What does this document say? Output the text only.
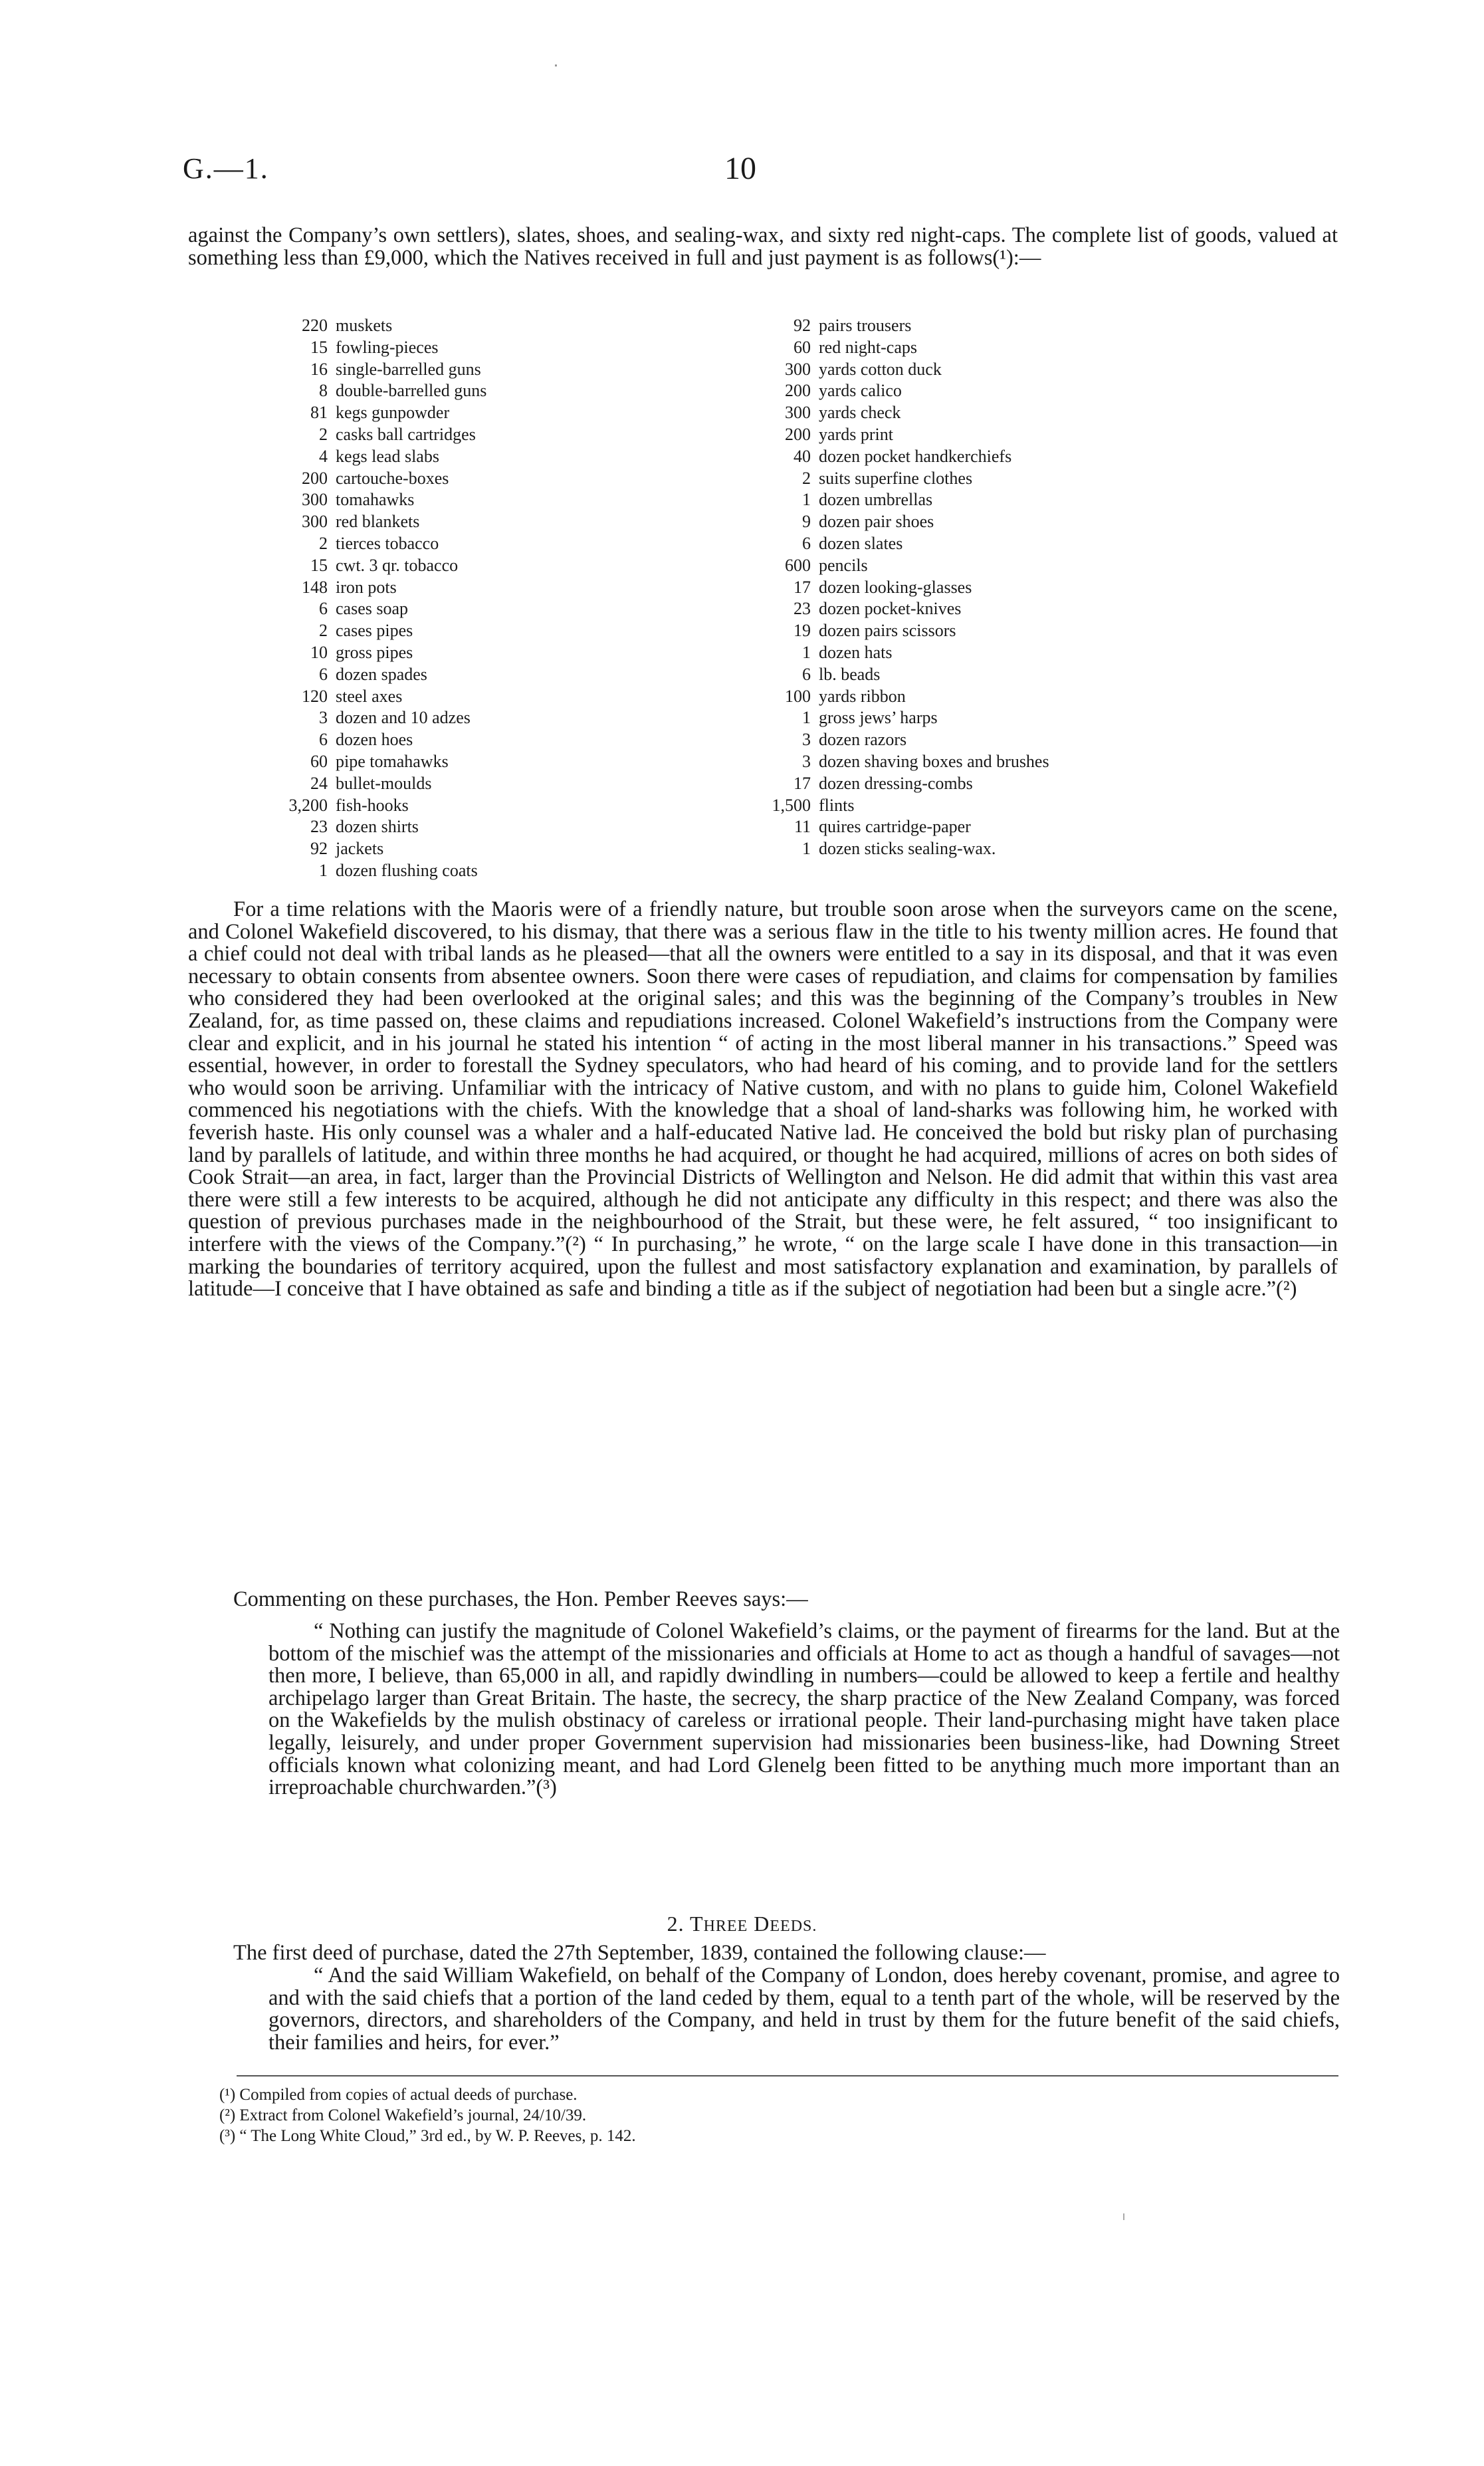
G.—1.	10

against the Company’s own settlers), slates, shoes, and sealing-wax, and sixty red night-caps. The complete list of goods, valued at something less than £9,000, which the Natives received in full and just payment is as follows(¹):—

220 muskets
15 fowling-pieces
16 single-barrelled guns
8 double-barrelled guns
81 kegs gunpowder
2 casks ball cartridges
4 kegs lead slabs
200 cartouche-boxes
300 tomahawks
300 red blankets
2 tierces tobacco
15 cwt. 3 qr. tobacco
148 iron pots
6 cases soap
2 cases pipes
10 gross pipes
6 dozen spades
120 steel axes
3 dozen and 10 adzes
6 dozen hoes
60 pipe tomahawks
24 bullet-moulds
3,200 fish-hooks
23 dozen shirts
92 jackets
1 dozen flushing coats
92 pairs trousers
60 red night-caps
300 yards cotton duck
200 yards calico
300 yards check
200 yards print
40 dozen pocket handkerchiefs
2 suits superfine clothes
1 dozen umbrellas
9 dozen pair shoes
6 dozen slates
600 pencils
17 dozen looking-glasses
23 dozen pocket-knives
19 dozen pairs scissors
1 dozen hats
6 lb. beads
100 yards ribbon
1 gross jews’ harps
3 dozen razors
3 dozen shaving boxes and brushes
17 dozen dressing-combs
1,500 flints
11 quires cartridge-paper
1 dozen sticks sealing-wax.

For a time relations with the Maoris were of a friendly nature, but trouble soon arose when the surveyors came on the scene, and Colonel Wakefield discovered, to his dismay, that there was a serious flaw in the title to his twenty million acres. He found that a chief could not deal with tribal lands as he pleased—that all the owners were entitled to a say in its disposal, and that it was even necessary to obtain consents from absentee owners. Soon there were cases of repudiation, and claims for compensation by families who considered they had been overlooked at the original sales; and this was the beginning of the Company’s troubles in New Zealand, for, as time passed on, these claims and repudiations increased. Colonel Wakefield’s instructions from the Company were clear and explicit, and in his journal he stated his intention “ of acting in the most liberal manner in his transactions.” Speed was essential, however, in order to forestall the Sydney speculators, who had heard of his coming, and to provide land for the settlers who would soon be arriving. Unfamiliar with the intricacy of Native custom, and with no plans to guide him, Colonel Wakefield commenced his negotiations with the chiefs. With the knowledge that a shoal of land-sharks was following him, he worked with feverish haste. His only counsel was a whaler and a half-educated Native lad. He conceived the bold but risky plan of purchasing land by parallels of latitude, and within three months he had acquired, or thought he had acquired, millions of acres on both sides of Cook Strait—an area, in fact, larger than the Provincial Districts of Wellington and Nelson. He did admit that within this vast area there were still a few interests to be acquired, although he did not anticipate any difficulty in this respect; and there was also the question of previous purchases made in the neighbourhood of the Strait, but these were, he felt assured, “ too insignificant to interfere with the views of the Company.”(²) “ In purchasing,” he wrote, “ on the large scale I have done in this transaction—in marking the boundaries of territory acquired, upon the fullest and most satisfactory explanation and examination, by parallels of latitude—I conceive that I have obtained as safe and binding a title as if the subject of negotiation had been but a single acre.”(²)

Commenting on these purchases, the Hon. Pember Reeves says:—

“ Nothing can justify the magnitude of Colonel Wakefield’s claims, or the payment of firearms for the land. But at the bottom of the mischief was the attempt of the missionaries and officials at Home to act as though a handful of savages—not then more, I believe, than 65,000 in all, and rapidly dwindling in numbers—could be allowed to keep a fertile and healthy archipelago larger than Great Britain. The haste, the secrecy, the sharp practice of the New Zealand Company, was forced on the Wakefields by the mulish obstinacy of careless or irrational people. Their land-purchasing might have taken place legally, leisurely, and under proper Government supervision had missionaries been business-like, had Downing Street officials known what colonizing meant, and had Lord Glenelg been fitted to be anything much more important than an irreproachable churchwarden.”(³)

2. THREE DEEDS.

The first deed of purchase, dated the 27th September, 1839, contained the following clause:—

“ And the said William Wakefield, on behalf of the Company of London, does hereby covenant, promise, and agree to and with the said chiefs that a portion of the land ceded by them, equal to a tenth part of the whole, will be reserved by the governors, directors, and shareholders of the Company, and held in trust by them for the future benefit of the said chiefs, their families and heirs, for ever.”

(¹) Compiled from copies of actual deeds of purchase.
(²) Extract from Colonel Wakefield’s journal, 24/10/39.
(³) “ The Long White Cloud,” 3rd ed., by W. P. Reeves, p. 142.
